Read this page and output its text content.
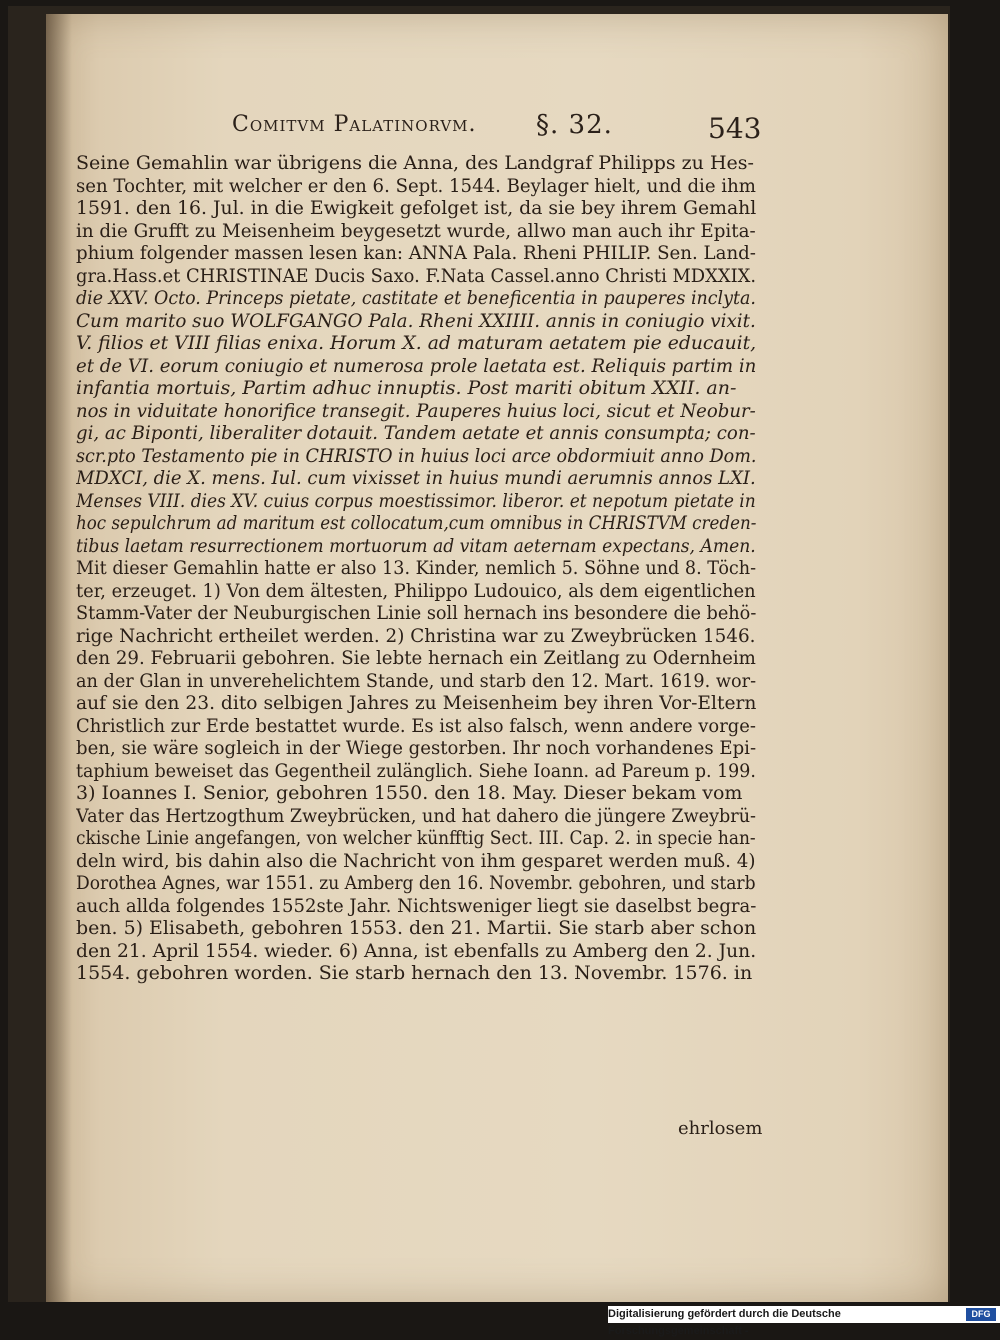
Comitvm Palatinorvm. §. 32.	543
Seine Gemahlin war übrigens die Anna, des Landgraf Philipps zu Hes-
sen Tochter, mit welcher er den 6. Sept. 1544. Beylager hielt, und die ihm
1591. den 16. Jul. in die Ewigkeit gefolget ist, da sie bey ihrem Gemahl
in die Grufft zu Meisenheim beygesetzt wurde, allwo man auch ihr Epita-
phium folgender massen lesen kan: ANNA Pala. Rheni PHILIP. Sen. Land-
gra.Hass.et CHRISTINAE Ducis Saxo. F.Nata Cassel.anno Christi MDXXIX.
die XXV. Octo. Princeps pietate, castitate et beneficentia in pauperes inclyta.
Cum marito suo WOLFGANGO Pala. Rheni XXIIII. annis in coniugio vixit.
V. filios et VIII filias enixa. Horum X. ad maturam aetatem pie educauit,
et de VI. eorum coniugio et numerosa prole laetata est. Reliquis partim in
infantia mortuis, Partim adhuc innuptis. Post mariti obitum XXII. an-
nos in viduitate honorifice transegit. Pauperes huius loci, sicut et Neobur-
gi, ac Biponti, liberaliter dotauit. Tandem aetate et annis consumpta; con-
scr.pto Testamento pie in CHRISTO in huius loci arce obdormiuit anno Dom.
MDXCI, die X. mens. Iul. cum vixisset in huius mundi aerumnis annos LXI.
Menses VIII. dies XV. cuius corpus moestissimor. liberor. et nepotum pietate in
hoc sepulchrum ad maritum est collocatum,cum omnibus in CHRISTVM creden-
tibus laetam resurrectionem mortuorum ad vitam aeternam expectans, Amen.
Mit dieser Gemahlin hatte er also 13. Kinder, nemlich 5. Söhne und 8. Töch-
ter, erzeuget. 1) Von dem ältesten, Philippo Ludouico, als dem eigentlichen
Stamm-Vater der Neuburgischen Linie soll hernach ins besondere die behö-
rige Nachricht ertheilet werden. 2) Christina war zu Zweybrücken 1546.
den 29. Februarii gebohren. Sie lebte hernach ein Zeitlang zu Odernheim
an der Glan in unverehelichtem Stande, und starb den 12. Mart. 1619. wor-
auf sie den 23. dito selbigen Jahres zu Meisenheim bey ihren Vor-Eltern
Christlich zur Erde bestattet wurde. Es ist also falsch, wenn andere vorge-
ben, sie wäre sogleich in der Wiege gestorben. Ihr noch vorhandenes Epi-
taphium beweiset das Gegentheil zulänglich. Siehe Ioann. ad Pareum p. 199.
3) Ioannes I. Senior, gebohren 1550. den 18. May. Dieser bekam vom
Vater das Hertzogthum Zweybrücken, und hat dahero die jüngere Zweybrü-
ckische Linie angefangen, von welcher künfftig Sect. III. Cap. 2. in specie han-
deln wird, bis dahin also die Nachricht von ihm gesparet werden muß. 4)
Dorothea Agnes, war 1551. zu Amberg den 16. Novembr. gebohren, und starb
auch allda folgendes 1552ste Jahr. Nichtsweniger liegt sie daselbst begra-
ben. 5) Elisabeth, gebohren 1553. den 21. Martii. Sie starb aber schon
den 21. April 1554. wieder. 6) Anna, ist ebenfalls zu Amberg den 2. Jun.
1554. gebohren worden. Sie starb hernach den 13. Novembr. 1576. in
ehrlosem
Digitalisierung gefördert durch die Deutsche Forschungsgemeinschaft -
DFG
